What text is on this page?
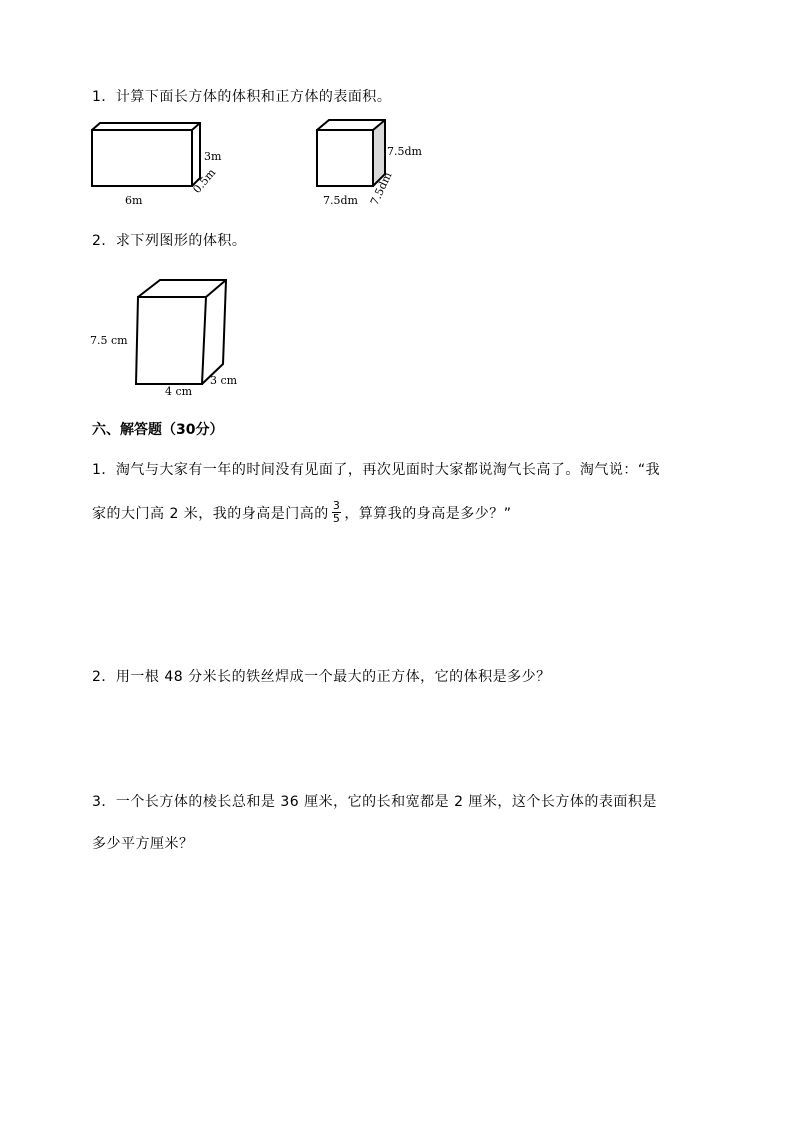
1．计算下面长方体的体积和正方体的表面积。
3m
0.5m
6m
7.5dm
7.5dm 7.5dm
2．求下列图形的体积。
7.5 cm
3 cm
4 cm
六、解答题（30分）
1．淘气与大家有一年的时间没有见面了，再次见面时大家都说淘气长高了。淘气说：“我
家的大门高 2 米，我的身高是门高的 $\frac{3}{5}$ ，算算我的身高是多少？”
2．用一根 48 分米长的铁丝焊成一个最大的正方体，它的体积是多少？
3．一个长方体的棱长总和是 36 厘米，它的长和宽都是 2 厘米，这个长方体的表面积是
多少平方厘米？
